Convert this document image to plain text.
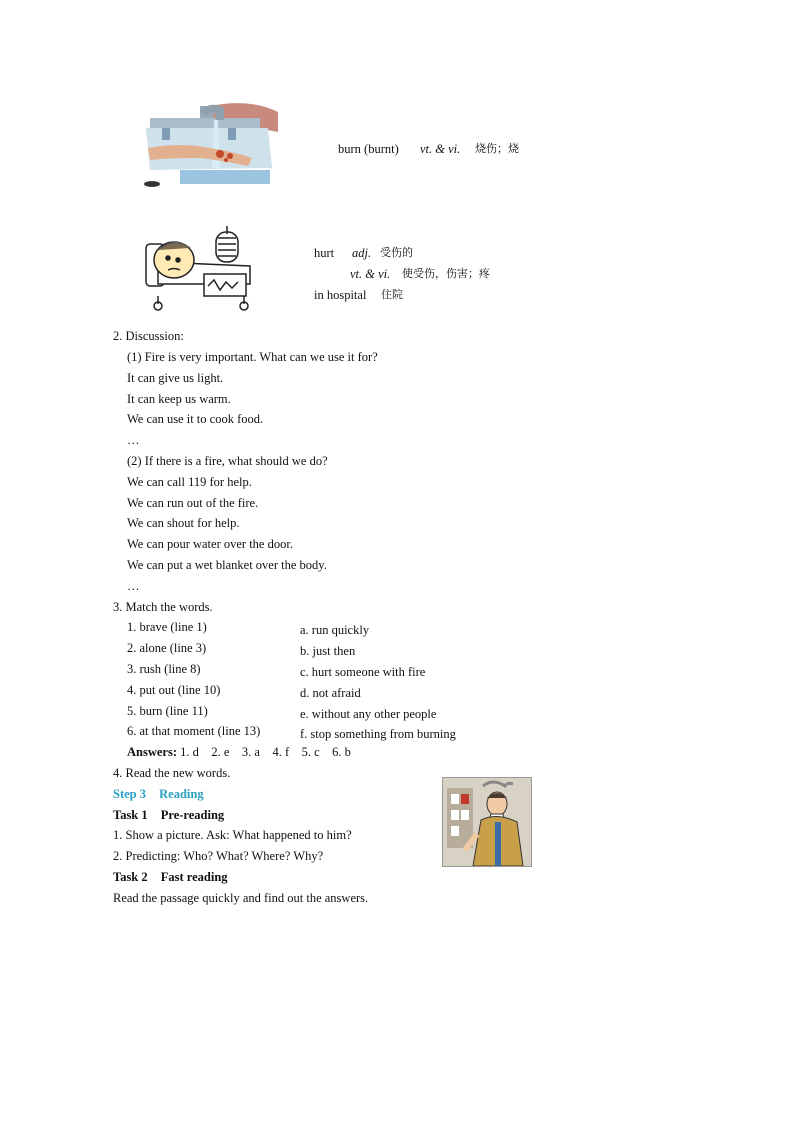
burn (burnt) vt. & vi. 烧伤；烧
hurt adj. 受伤的
vt. & vi. 使受伤，伤害；疼
in hospital 住院
2. Discussion:
(1) Fire is very important. What can we use it for?
It can give us light.
It can keep us warm.
We can use it to cook food.
…
(2) If there is a fire, what should we do?
We can call 119 for help.
We can run out of the fire.
We can shout for help.
We can pour water over the door.
We can put a wet blanket over the body.
…
3. Match the words.
1. brave (line 1)
2. alone (line 3)
3. rush (line 8)
4. put out (line 10)
5. burn (line 11)
6. at that moment (line 13)
a. run quickly
b. just then
c. hurt someone with fire
d. not afraid
e. without any other people
f. stop something from burning
Answers: 1. d    2. e    3. a    4. f    5. c    6. b
4. Read the new words.
Step 3 Reading
Task 1 Pre-reading
1. Show a picture. Ask: What happened to him?
2. Predicting: Who? What? Where? Why?
Task 2 Fast reading
Read the passage quickly and find out the answers.
